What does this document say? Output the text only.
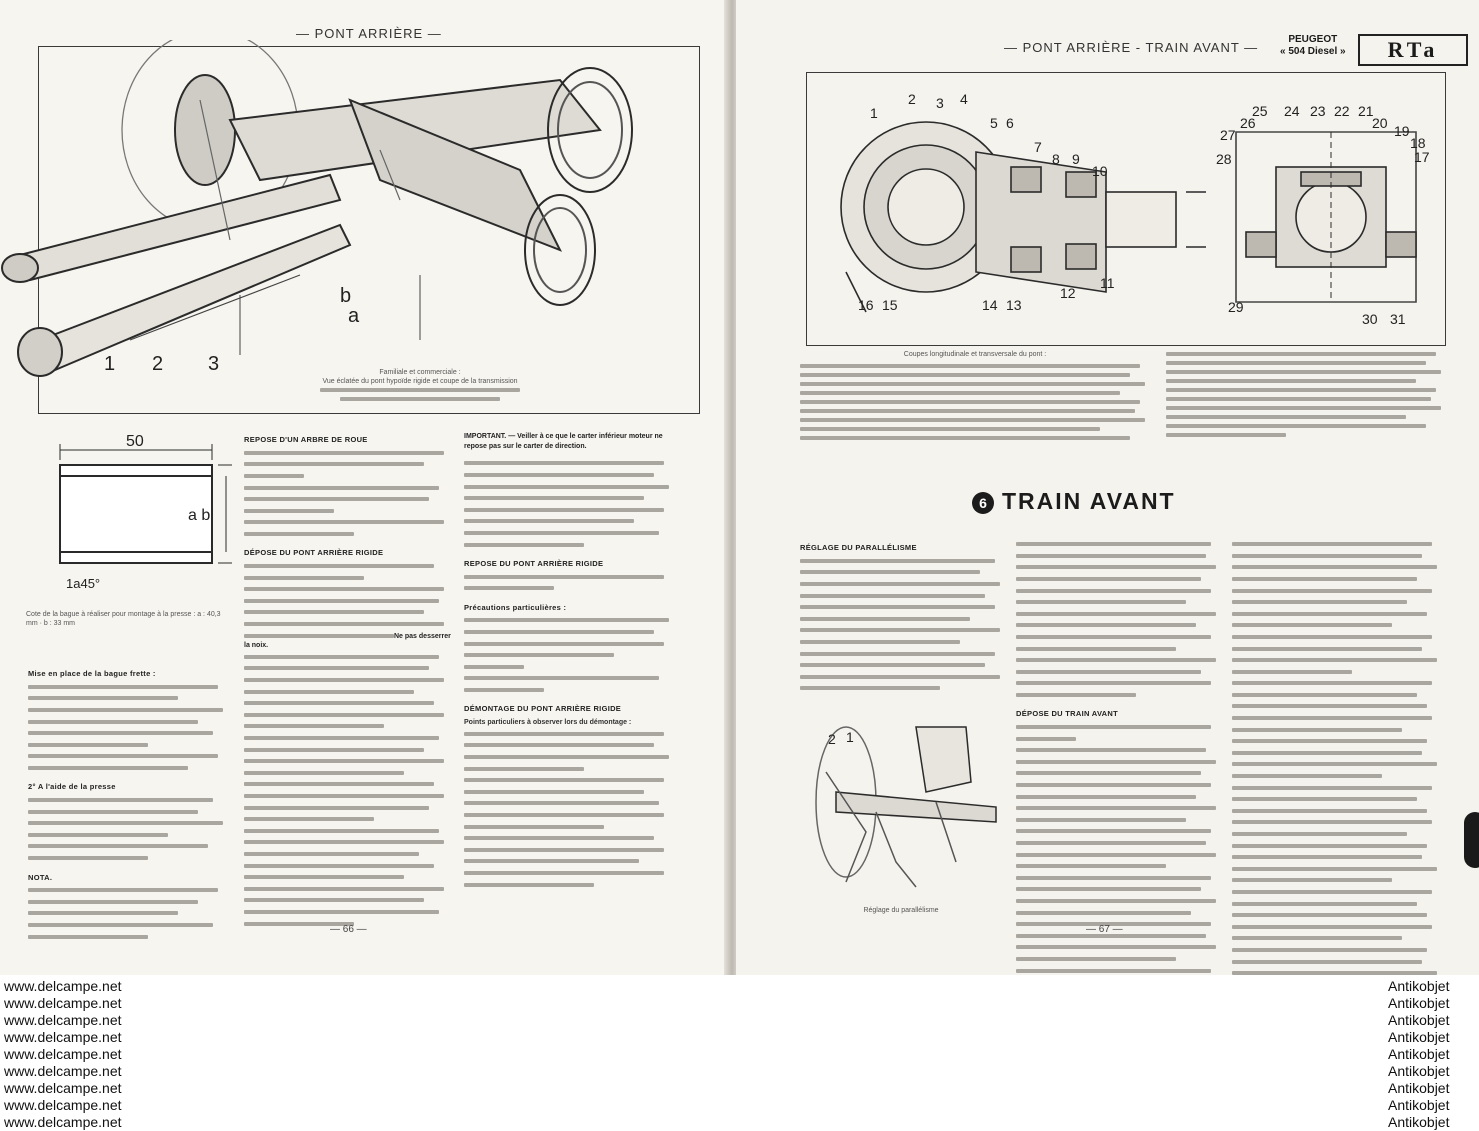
— PONT ARRIÈRE —
1 2 3
a
b
Familiale et commerciale :
Vue éclatée du pont hypoïde rigide et coupe de la transmission
50
a b
1a45°
Cote de la bague à réaliser pour montage à la presse : a : 40,3 mm · b : 33 mm
Mise en place de la bague frette :
2° A l'aide de la presse
NOTA.
REPOSE D'UN ARBRE DE ROUE
DÉPOSE DU PONT ARRIÈRE RIGIDE
Ne pas desserrer la noix.
IMPORTANT. — Veiller à ce que le carter inférieur moteur ne repose pas sur le carter de direction.
REPOSE DU PONT ARRIÈRE RIGIDE
Précautions particulières :
DÉMONTAGE DU PONT ARRIÈRE RIGIDE
Points particuliers à observer lors du démontage :
— 66 —
— PONT ARRIÈRE - TRAIN AVANT —
PEUGEOT
« 504 Diesel »	RTa
1
2 3 4
5 6
7
8 9
10
16 15	14 13
12
11
25 24 23 22 21
20 19
18
17
27
26
28
29
30 31
Coupes longitudinale et transversale du pont :
6 TRAIN AVANT
RÉGLAGE DU PARALLÉLISME
2 1
Réglage du parallélisme
DÉPOSE DU TRAIN AVANT
— 67 —
www.delcampe.net
www.delcampe.net
www.delcampe.net
www.delcampe.net
www.delcampe.net
www.delcampe.net
www.delcampe.net
www.delcampe.net
www.delcampe.net
Antikobjet
Antikobjet
Antikobjet
Antikobjet
Antikobjet
Antikobjet
Antikobjet
Antikobjet
Antikobjet
